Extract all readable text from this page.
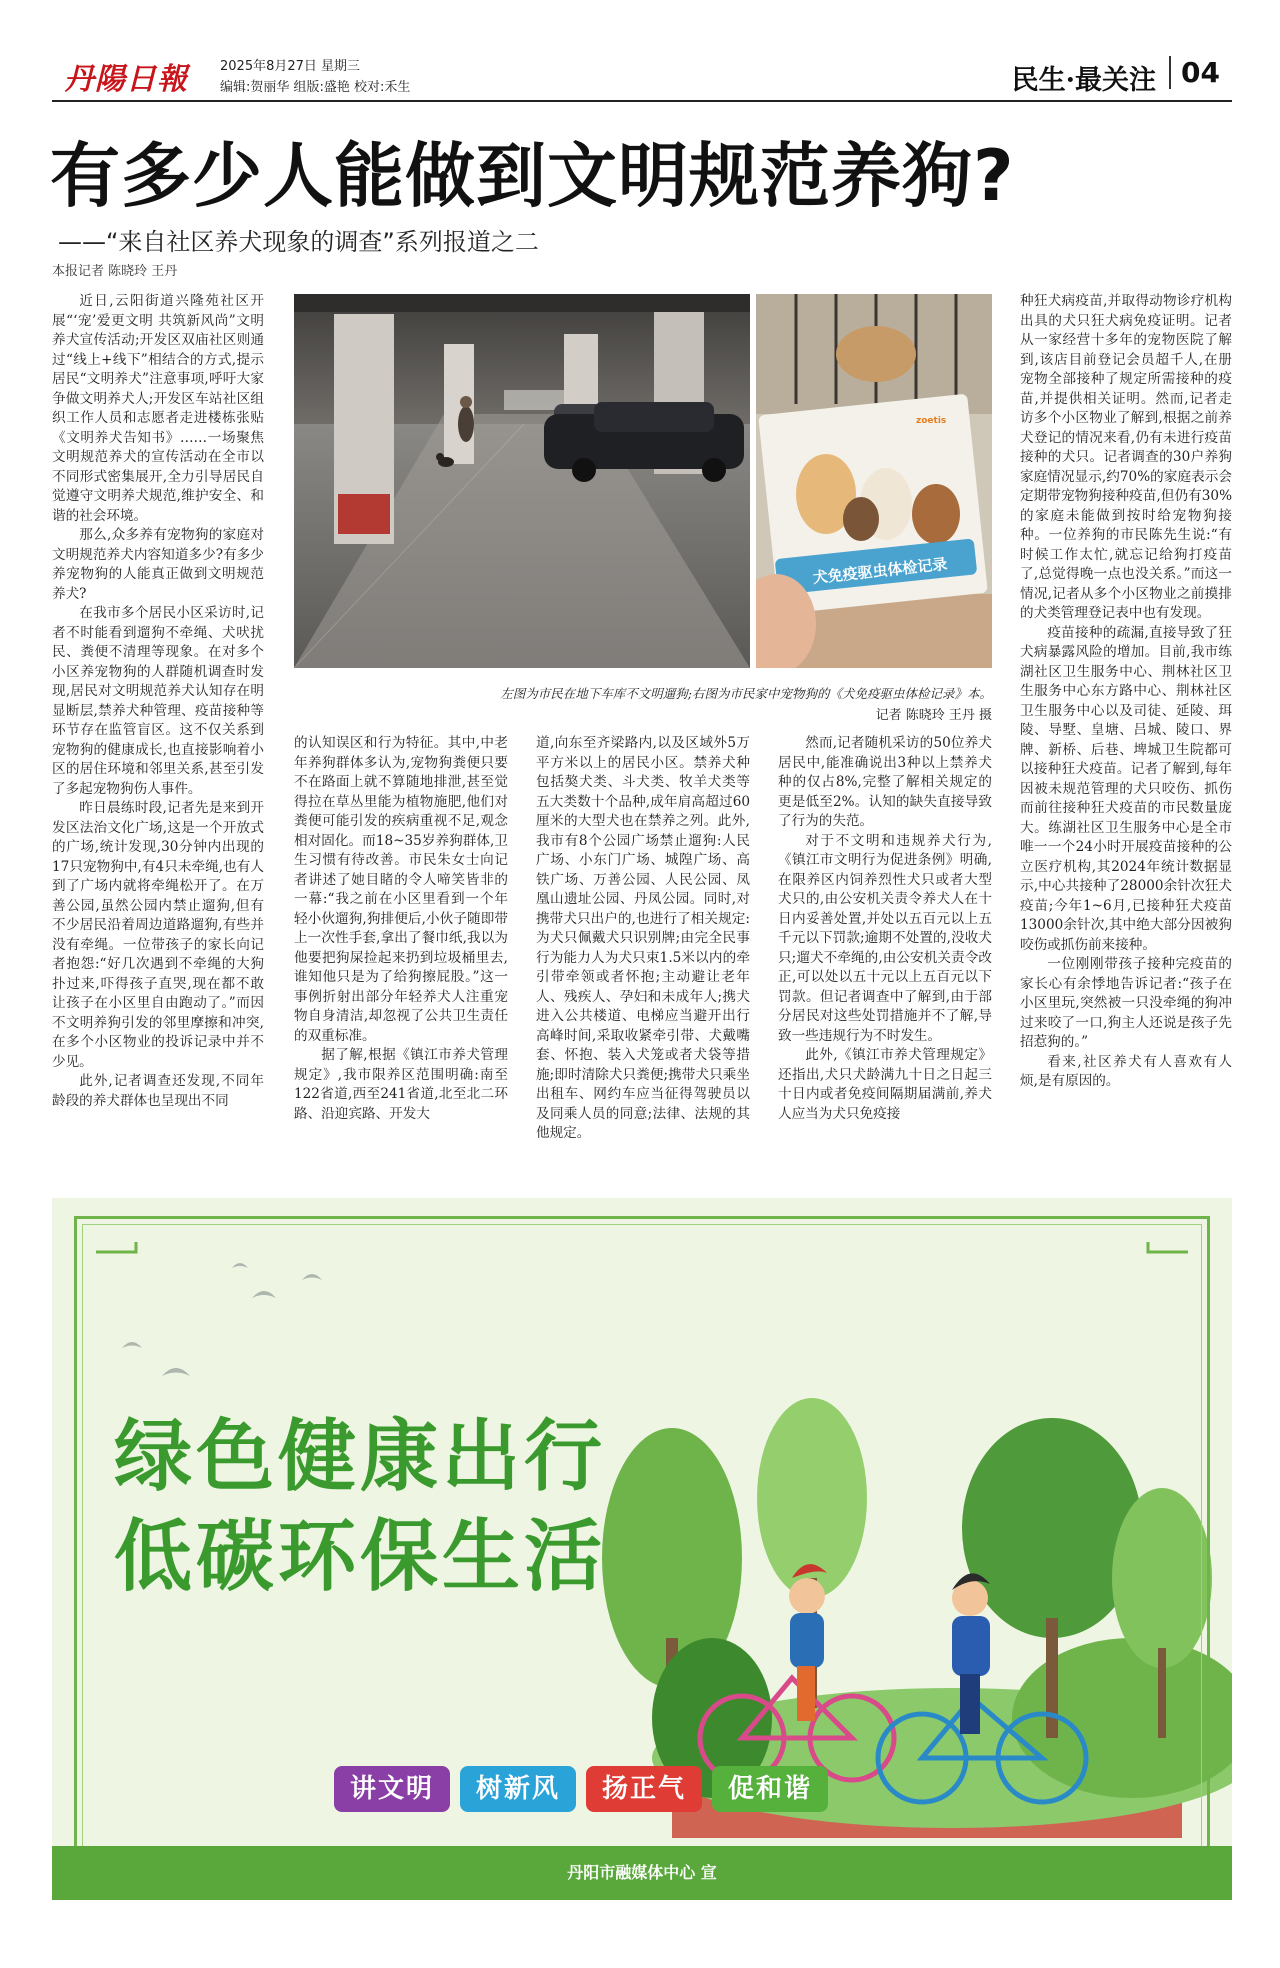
丹陽日報 2025年8月27日 星期三
编辑:贺丽华 组版:盛艳 校对:禾生	民生·最关注 04
有多少人能做到文明规范养狗?
——“来自社区养犬现象的调查”系列报道之二
本报记者 陈晓玲 王丹

近日,云阳街道兴隆苑社区开展“‘宠’爱更文明 共筑新风尚”文明养犬宣传活动;开发区双庙社区则通过“线上+线下”相结合的方式,提示居民“文明养犬”注意事项,呼吁大家争做文明养犬人;开发区车站社区组织工作人员和志愿者走进楼栋张贴《文明养犬告知书》……一场聚焦文明规范养犬的宣传活动在全市以不同形式密集展开,全力引导居民自觉遵守文明养犬规范,维护安全、和谐的社会环境。

那么,众多养有宠物狗的家庭对文明规范养犬内容知道多少?有多少养宠物狗的人能真正做到文明规范养犬?

在我市多个居民小区采访时,记者不时能看到遛狗不牵绳、犬吠扰民、粪便不清理等现象。在对多个小区养宠物狗的人群随机调查时发现,居民对文明规范养犬认知存在明显断层,禁养犬种管理、疫苗接种等环节存在监管盲区。这不仅关系到宠物狗的健康成长,也直接影响着小区的居住环境和邻里关系,甚至引发了多起宠物狗伤人事件。

昨日晨练时段,记者先是来到开发区法治文化广场,这是一个开放式的广场,统计发现,30分钟内出现的17只宠物狗中,有4只未牵绳,也有人到了广场内就将牵绳松开了。在万善公园,虽然公园内禁止遛狗,但有不少居民沿着周边道路遛狗,有些并没有牵绳。一位带孩子的家长向记者抱怨:“好几次遇到不牵绳的大狗扑过来,吓得孩子直哭,现在都不敢让孩子在小区里自由跑动了。”而因不文明养狗引发的邻里摩擦和冲突,在多个小区物业的投诉记录中并不少见。

此外,记者调查还发现,不同年龄段的养犬群体也呈现出不同

zoetis
犬免疫驱虫体检记录
左图为市民在地下车库不文明遛狗;右图为市民家中宠物狗的《犬免疫驱虫体检记录》本。
记者 陈晓玲 王丹 摄

的认知误区和行为特征。其中,中老年养狗群体多认为,宠物狗粪便只要不在路面上就不算随地排泄,甚至觉得拉在草丛里能为植物施肥,他们对粪便可能引发的疾病重视不足,观念相对固化。而18~35岁养狗群体,卫生习惯有待改善。市民朱女士向记者讲述了她目睹的令人啼笑皆非的一幕:“我之前在小区里看到一个年轻小伙遛狗,狗排便后,小伙子随即带上一次性手套,拿出了餐巾纸,我以为他要把狗屎捡起来扔到垃圾桶里去,谁知他只是为了给狗擦屁股。”这一事例折射出部分年轻养犬人注重宠物自身清洁,却忽视了公共卫生责任的双重标准。

据了解,根据《镇江市养犬管理规定》,我市限养区范围明确:南至122省道,西至241省道,北至北二环路、沿迎宾路、开发大

道,向东至齐梁路内,以及区域外5万平方米以上的居民小区。禁养犬种包括獒犬类、斗犬类、牧羊犬类等五大类数十个品种,成年肩高超过60厘米的大型犬也在禁养之列。此外,我市有8个公园广场禁止遛狗:人民广场、小东门广场、城隍广场、高铁广场、万善公园、人民公园、凤凰山遗址公园、丹凤公园。同时,对携带犬只出户的,也进行了相关规定:为犬只佩戴犬只识别牌;由完全民事行为能力人为犬只束1.5米以内的牵引带牵领或者怀抱;主动避让老年人、残疾人、孕妇和未成年人;携犬进入公共楼道、电梯应当避开出行高峰时间,采取收紧牵引带、犬戴嘴套、怀抱、装入犬笼或者犬袋等措施;即时清除犬只粪便;携带犬只乘坐出租车、网约车应当征得驾驶员以及同乘人员的同意;法律、法规的其他规定。

然而,记者随机采访的50位养犬居民中,能准确说出3种以上禁养犬种的仅占8%,完整了解相关规定的更是低至2%。认知的缺失直接导致了行为的失范。

对于不文明和违规养犬行为,《镇江市文明行为促进条例》明确,在限养区内饲养烈性犬只或者大型犬只的,由公安机关责令养犬人在十日内妥善处置,并处以五百元以上五千元以下罚款;逾期不处置的,没收犬只;遛犬不牵绳的,由公安机关责令改正,可以处以五十元以上五百元以下罚款。但记者调查中了解到,由于部分居民对这些处罚措施并不了解,导致一些违规行为不时发生。

此外,《镇江市养犬管理规定》还指出,犬只犬龄满九十日之日起三十日内或者免疫间隔期届满前,养犬人应当为犬只免疫接

种狂犬病疫苗,并取得动物诊疗机构出具的犬只狂犬病免疫证明。记者从一家经营十多年的宠物医院了解到,该店目前登记会员超千人,在册宠物全部接种了规定所需接种的疫苗,并提供相关证明。然而,记者走访多个小区物业了解到,根据之前养犬登记的情况来看,仍有未进行疫苗接种的犬只。记者调查的30户养狗家庭情况显示,约70%的家庭表示会定期带宠物狗接种疫苗,但仍有30%的家庭未能做到按时给宠物狗接种。一位养狗的市民陈先生说:“有时候工作太忙,就忘记给狗打疫苗了,总觉得晚一点也没关系。”而这一情况,记者从多个小区物业之前摸排的犬类管理登记表中也有发现。

疫苗接种的疏漏,直接导致了狂犬病暴露风险的增加。目前,我市练湖社区卫生服务中心、荆林社区卫生服务中心东方路中心、荆林社区卫生服务中心以及司徒、延陵、珥陵、导墅、皇塘、吕城、陵口、界牌、新桥、后巷、埤城卫生院都可以接种狂犬疫苗。记者了解到,每年因被未规范管理的犬只咬伤、抓伤而前往接种狂犬疫苗的市民数量庞大。练湖社区卫生服务中心是全市唯一一个24小时开展疫苗接种的公立医疗机构,其2024年统计数据显示,中心共接种了28000余针次狂犬疫苗;今年1~6月,已接种狂犬疫苗13000余针次,其中绝大部分因被狗咬伤或抓伤前来接种。

一位刚刚带孩子接种完疫苗的家长心有余悸地告诉记者:“孩子在小区里玩,突然被一只没牵绳的狗冲过来咬了一口,狗主人还说是孩子先招惹狗的。”

看来,社区养犬有人喜欢有人烦,是有原因的。

绿色健康出行
低碳环保生活
讲文明	树新风	扬正气	促和谐
丹阳市融媒体中心 宣
